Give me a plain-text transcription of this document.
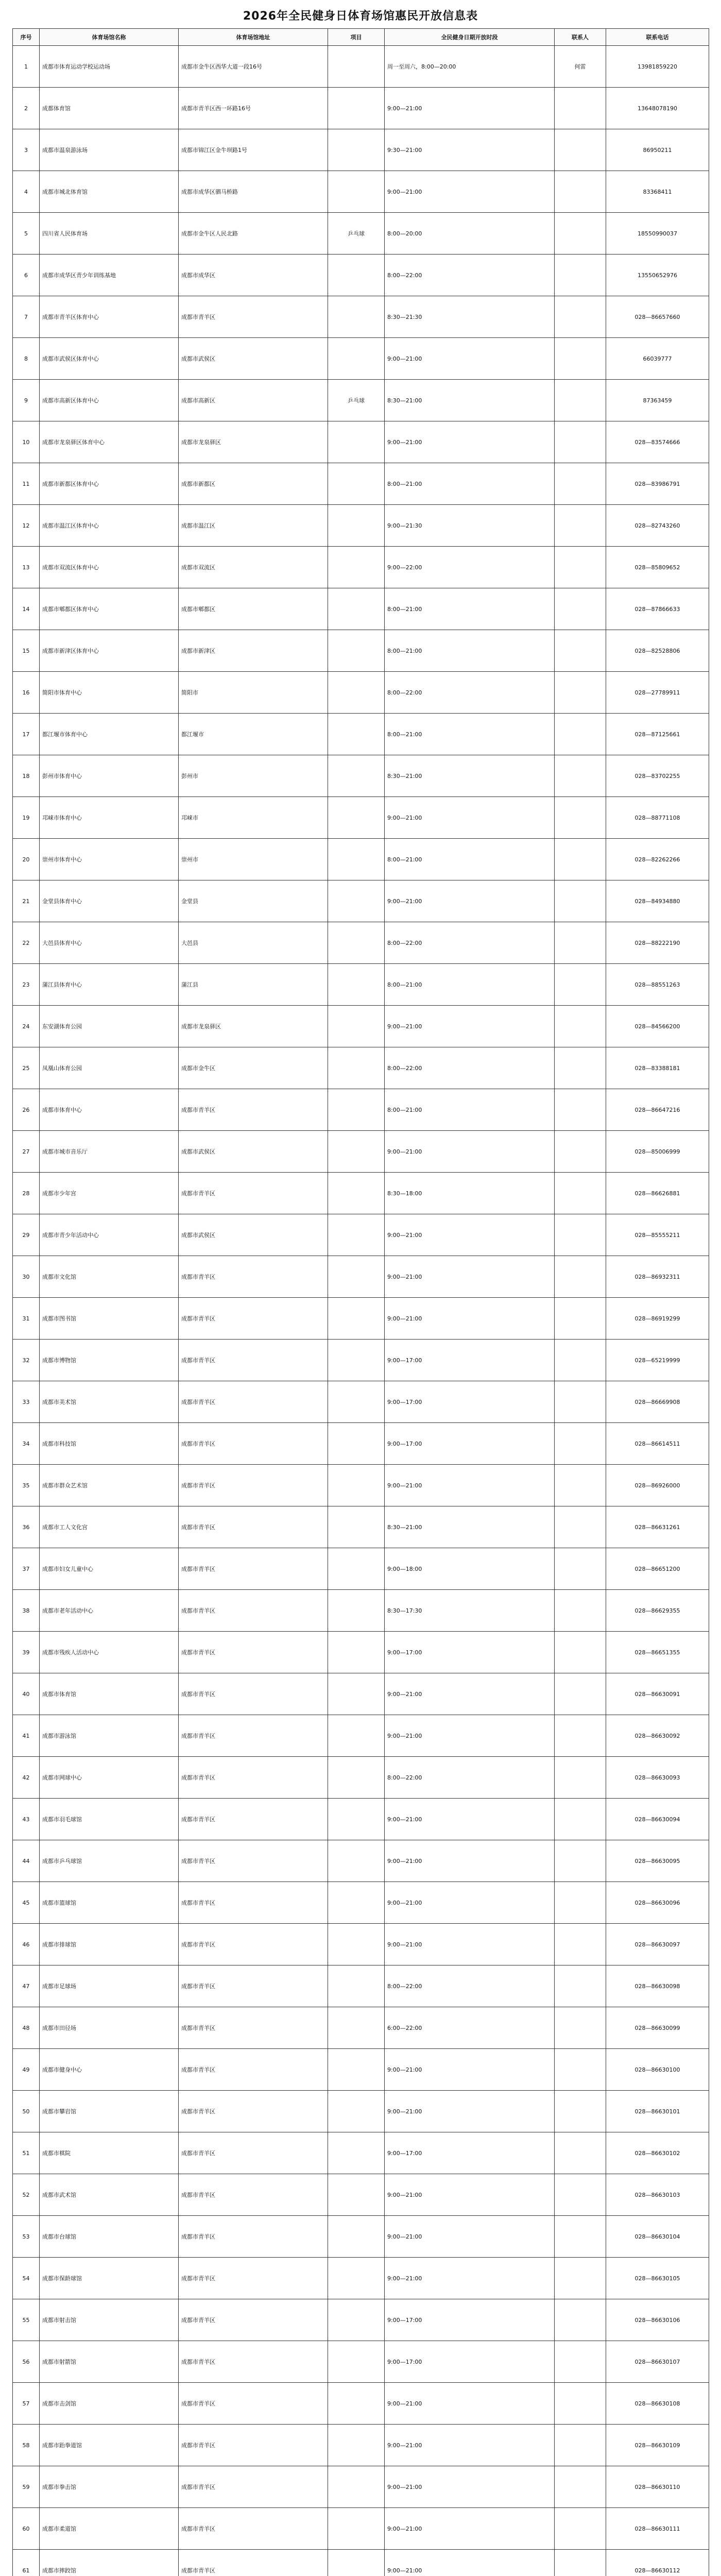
2026年全民健身日体育场馆惠民开放信息表
序号	体育场馆名称	体育场馆地址	项目	全民健身日期开放时段	联系人	联系电话
1	成都市体育运动学校运动场	成都市金牛区西华大道一段16号		周一至周六，8:00—20:00	何雷	13981859220
2	成都体育馆	成都市青羊区西一环路16号		9:00—21:00		13648078190
3	成都市温泉游泳场	成都市锦江区金牛坝路1号		9:30—21:00		86950211
4	成都市城北体育馆	成都市成华区驷马桥路		9:00—21:00		83368411
5	四川省人民体育场	成都市金牛区人民北路	乒乓球	8:00—20:00		18550990037
6	成都市成华区青少年训练基地	成都市成华区		8:00—22:00		13550652976
7	成都市青羊区体育中心	成都市青羊区		8:30—21:30		028—86657660
8	成都市武侯区体育中心	成都市武侯区		9:00—21:00		66039777
9	成都市高新区体育中心	成都市高新区	乒乓球	8:30—21:00		87363459
10	成都市龙泉驿区体育中心	成都市龙泉驿区		9:00—21:00		028—83574666
11	成都市新都区体育中心	成都市新都区		8:00—21:00		028—83986791
12	成都市温江区体育中心	成都市温江区		9:00—21:30		028—82743260
13	成都市双流区体育中心	成都市双流区		9:00—22:00		028—85809652
14	成都市郫都区体育中心	成都市郫都区		8:00—21:00		028—87866633
15	成都市新津区体育中心	成都市新津区		8:00—21:00		028—82528806
16	简阳市体育中心	简阳市		8:00—22:00		028—27789911
17	都江堰市体育中心	都江堰市		8:00—21:00		028—87125661
18	彭州市体育中心	彭州市		8:30—21:00		028—83702255
19	邛崃市体育中心	邛崃市		9:00—21:00		028—88771108
20	崇州市体育中心	崇州市		8:00—21:00		028—82262266
21	金堂县体育中心	金堂县		9:00—21:00		028—84934880
22	大邑县体育中心	大邑县		8:00—22:00		028—88222190
23	蒲江县体育中心	蒲江县		8:00—21:00		028—88551263
24	东安湖体育公园	成都市龙泉驿区		9:00—21:00		028—84566200
25	凤凰山体育公园	成都市金牛区		8:00—22:00		028—83388181
26	成都市体育中心	成都市青羊区		8:00—21:00		028—86647216
27	成都市城市音乐厅	成都市武侯区		9:00—21:00		028—85006999
28	成都市少年宫	成都市青羊区		8:30—18:00		028—86626881
29	成都市青少年活动中心	成都市武侯区		9:00—21:00		028—85555211
30	成都市文化馆	成都市青羊区		9:00—21:00		028—86932311
31	成都市图书馆	成都市青羊区		9:00—21:00		028—86919299
32	成都市博物馆	成都市青羊区		9:00—17:00		028—65219999
33	成都市美术馆	成都市青羊区		9:00—17:00		028—86669908
34	成都市科技馆	成都市青羊区		9:00—17:00		028—86614511
35	成都市群众艺术馆	成都市青羊区		9:00—21:00		028—86926000
36	成都市工人文化宫	成都市青羊区		8:30—21:00		028—86631261
37	成都市妇女儿童中心	成都市青羊区		9:00—18:00		028—86651200
38	成都市老年活动中心	成都市青羊区		8:30—17:30		028—86629355
39	成都市残疾人活动中心	成都市青羊区		9:00—17:00		028—86651355
40	成都市体育馆	成都市青羊区		9:00—21:00		028—86630091
41	成都市游泳馆	成都市青羊区		9:00—21:00		028—86630092
42	成都市网球中心	成都市青羊区		8:00—22:00		028—86630093
43	成都市羽毛球馆	成都市青羊区		9:00—21:00		028—86630094
44	成都市乒乓球馆	成都市青羊区		9:00—21:00		028—86630095
45	成都市篮球馆	成都市青羊区		9:00—21:00		028—86630096
46	成都市排球馆	成都市青羊区		9:00—21:00		028—86630097
47	成都市足球场	成都市青羊区		8:00—22:00		028—86630098
48	成都市田径场	成都市青羊区		6:00—22:00		028—86630099
49	成都市健身中心	成都市青羊区		9:00—21:00		028—86630100
50	成都市攀岩馆	成都市青羊区		9:00—21:00		028—86630101
51	成都市棋院	成都市青羊区		9:00—17:00		028—86630102
52	成都市武术馆	成都市青羊区		9:00—21:00		028—86630103
53	成都市台球馆	成都市青羊区		9:00—21:00		028—86630104
54	成都市保龄球馆	成都市青羊区		9:00—21:00		028—86630105
55	成都市射击馆	成都市青羊区		9:00—17:00		028—86630106
56	成都市射箭馆	成都市青羊区		9:00—17:00		028—86630107
57	成都市击剑馆	成都市青羊区		9:00—21:00		028—86630108
58	成都市跆拳道馆	成都市青羊区		9:00—21:00		028—86630109
59	成都市拳击馆	成都市青羊区		9:00—21:00		028—86630110
60	成都市柔道馆	成都市青羊区		9:00—21:00		028—86630111
61	成都市摔跤馆	成都市青羊区		9:00—21:00		028—86630112
